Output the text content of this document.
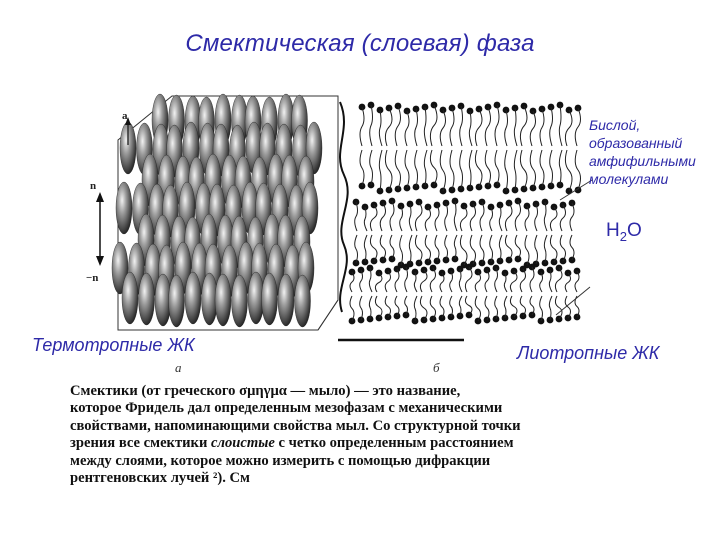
Смектическая (слоевая) фаза
a
n
−n
Бислой, образованный амфифильными молекулами
$H_2O$
Термотропные ЖК	Лиотропные ЖК
а	б
Смектики (от греческого σμηγμα — мыло) — это название,
которое Фридель дал определенным мезофазам с механическими
свойствами, напоминающими свойства мыл. Со структурной точки
зрения все смектики слоистые с четко определенным расстоянием
между слоями, которое можно измерить с помощью дифракции
рентгеновских лучей ²). См
